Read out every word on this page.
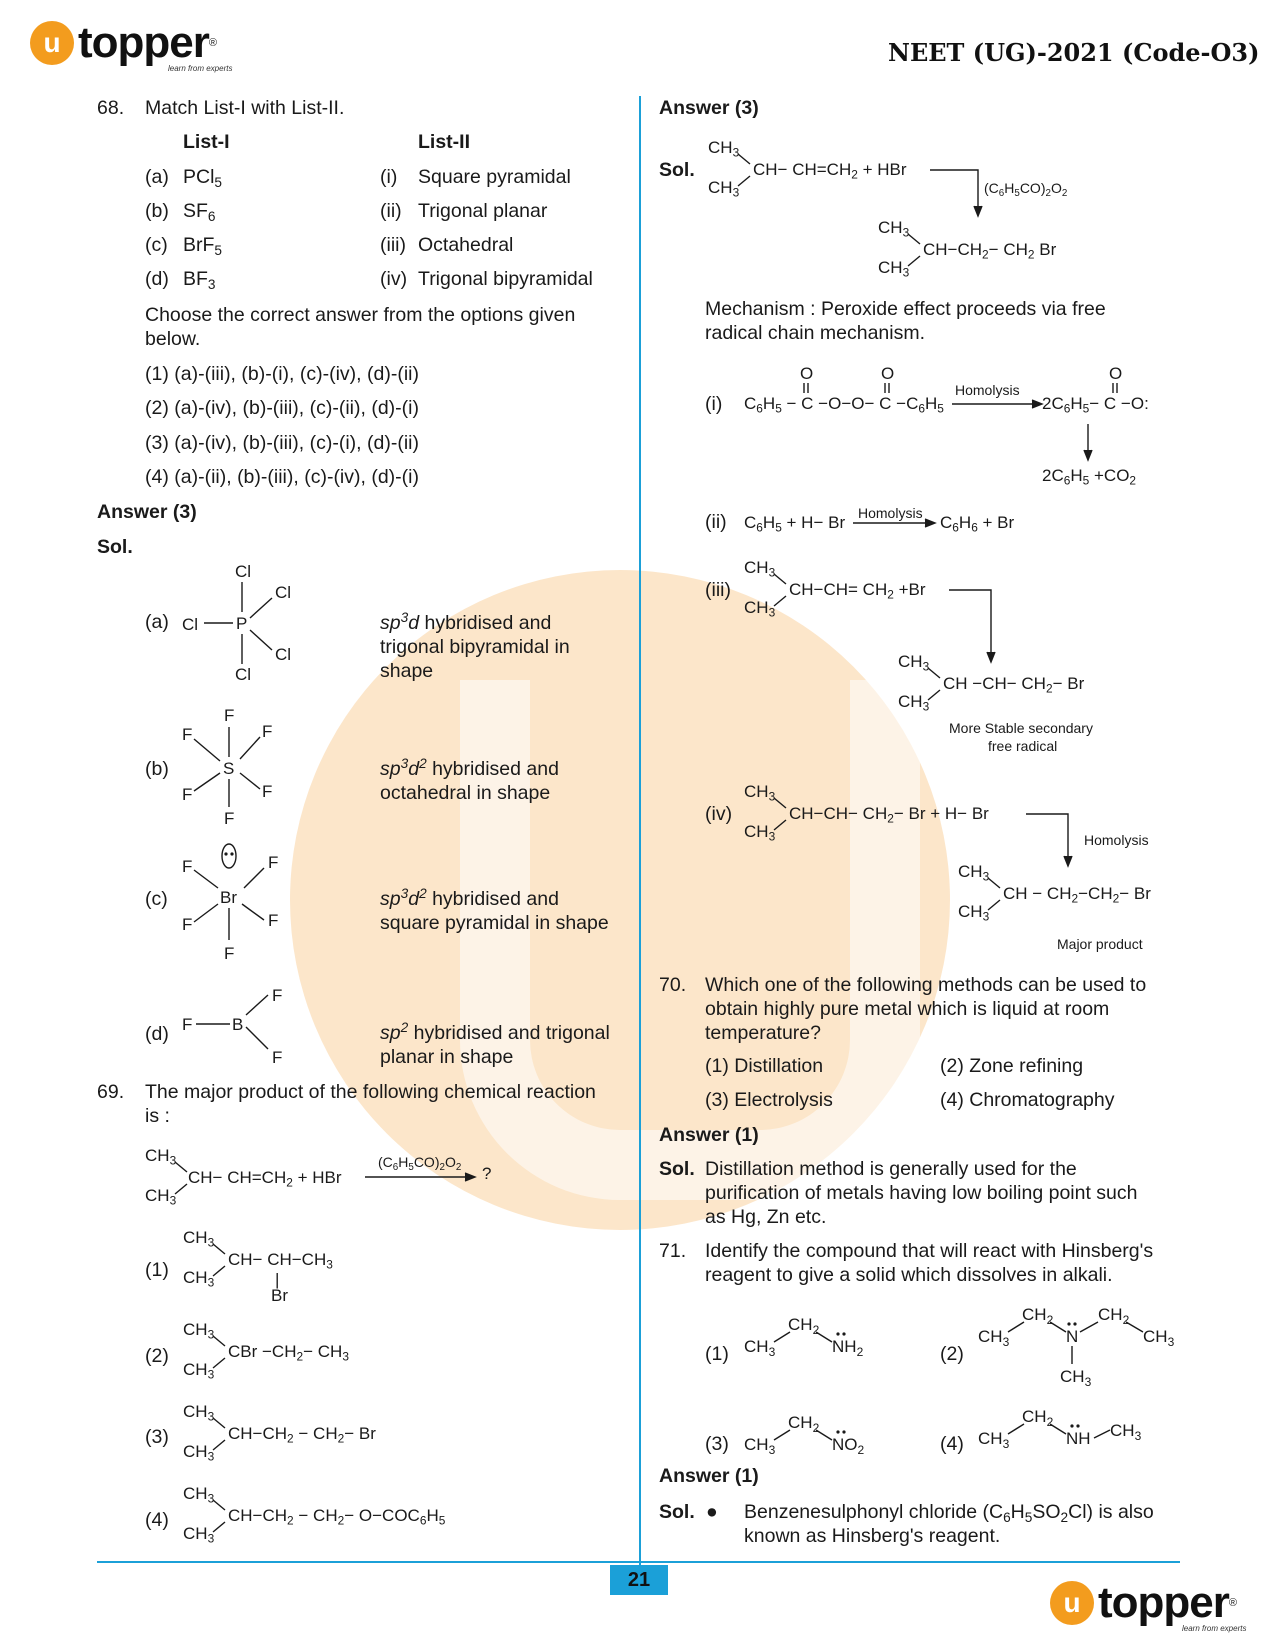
u topper ®
learn from experts
NEET (UG)-2021 (Code-O3)
68. Match List-I with List-II.
List-I	List-II
(a) PCl$_5$	(i) Square pyramidal
(b) $SF_6$	(ii) Trigonal planar
(c) BrF$_5$	(iii) Octahedral
(d) $BF_3$	(iv) Trigonal bipyramidal
Choose the correct answer from the options given
below.
(1) (a)-(iii), (b)-(i), (c)-(iv), (d)-(ii)
(2) (a)-(iv), (b)-(iii), (c)-(ii), (d)-(i)
(3) (a)-(iv), (b)-(iii), (c)-(i), (d)-(ii)
(4) (a)-(ii), (b)-(iii), (c)-(iv), (d)-(i)
Answer (3)
Sol.
(a)
Cl
Cl
Cl P
Cl
Cl
$sp^3d$ hybridised and
trigonal bipyramidal in
shape
(b)
F
F	F
S
F	F
F
$sp^3d^2$ hybridised and
octahedral in shape
(c)
F	F
Br
F	F
F
$sp^3d^2$ hybridised and
square pyramidal in shape
(d)
F
F B
F
$sp^2$ hybridised and trigonal
planar in shape
69. The major product of the following chemical reaction
is :
$CH_3$
$CH- CH=CH_2$ + HBr
$CH_3$
$(C_6H_5CO)_2O_2$ ?
(1)
$CH_3$
$CH- CH-CH_3$
$CH_3$	|
Br
(2)
$CH_3$
CBr $-CH_2- CH_3$
$CH_3$
(3)
$CH_3$
$CH-CH_2 - CH_2- Br$
$CH_3$
(4)
$CH_3$
$CH-CH_2 - CH_2- O-COC_6H_5$
$CH_3$
Answer (3)
Sol.
$CH_3$
$CH- CH=CH_2$ + HBr
$CH_3$	$(C_6H_5CO)_2O_2$
$CH_3$
$CH-CH_2- CH_2$ Br
$CH_3$
Mechanism : Peroxide effect proceeds via free
radical chain mechanism.
(i) $C_6H_5 - C -O-O- C -C_6H_5$
O	O
Homolysis
$2C_6H_5- C -O$:
O
$2C_6H_5 +CO_2$
(ii) $C_6H_5 + H- Br$ Homolysis $C_6H_6 + Br$
(iii)
$CH_3$
$CH-CH= CH_2 +Br$
$CH_3$
$CH_3$
CH $-CH- CH_2- Br$
$CH_3$
More Stable secondary
free radical
(iv)
$CH_3$
$CH-CH- CH_2- Br + H- Br$
$CH_3$	Homolysis
$CH_3$
CH − $CH_2-CH_2- Br$
$CH_3$
Major product
70. Which one of the following methods can be used to
obtain highly pure metal which is liquid at room
temperature?
(1) Distillation	(2) Zone refining
(3) Electrolysis	(4) Chromatography
Answer (1)
Sol. Distillation method is generally used for the
purification of metals having low boiling point such
as Hg, Zn etc.
71. Identify the compound that will react with Hinsberg's
reagent to give a solid which dissolves in alkali.
(1) $CH_3$
$CH_2$
$NH_2$	(2)
$CH_3$
$CH_2$
N
$CH_2$
$CH_3$
$CH_3$
(3) $CH_3$
$CH_2$
$NO_2$	(4) $CH_3$
$CH_2$
NH $CH_3$
Answer (1)
Sol. ● Benzenesulphonyl chloride $(C_6H_5SO_2Cl)$ is also
known as Hinsberg's reagent.
21
u topper ®
learn from experts
